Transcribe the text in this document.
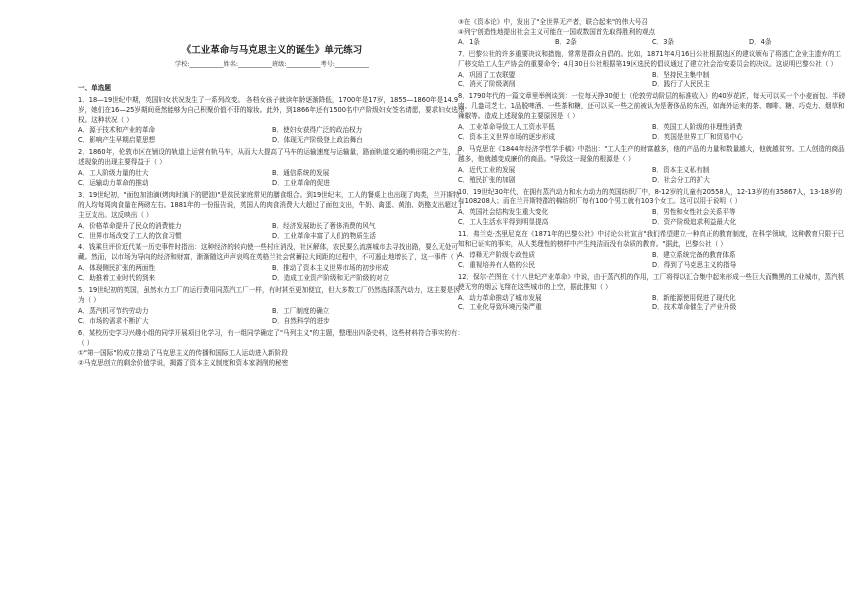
《工业革命与马克思主义的诞生》单元练习
学校:___________姓名:___________班级:___________考号:___________
一、单选题
1．18—19世纪中期，英国妇女状况发生了一系列改变。 各档女孩子就读年龄逐渐降低，1700年是17岁，1855—1860年是14.9岁，她们在16—25岁期间竟然能够为自己积聚价值不菲的嫁妆。此外，到1866年还有1500名中产阶级妇女签名请愿，要求妇女选举权。这种状况（ ）
A．源于技术和产业的革命	B．使妇女获得广泛的政治权力
C．影响产生早期启蒙思想	D．体现无产阶级登上政治舞台
2．1860年，伦敦市区在铺设的轨道上运营有轨马车，从而大大提高了马车的运输速度与运输量，路面轨道交通的萌形阻之产生，上述现象的出现主要得益于（ ）
A．工人阶级力量的壮大	B．通信系统的发展
C．运输动力革命的推动	D．工业革命的促进
3．19世纪初，"面包加油滴(烤肉时滴下的肥油)"是贫民家庭常见的膳食组合。到19世纪末，工人的餐桌上也出现了肉类，兰开斯特的人均每周肉食量在两磅左右。1881年的一份报告说，英国人的肉食消费大大超过了面包支出，牛奶、禽蛋、黄油、奶酪支出超过了主豆支出。这反映出（ ）
A．价格革命提升了民众的消费能力	B．经济发展助长了奢侈消费的风气
C．世界市场改变了工人的饮食习惯	D．工业革命丰富了人们的物质生活
4．钱乘旦评价近代某一历史事件时指出：这种经济的转向使一些村庄消没，社区解体，农民要么流落城市去寻找出路，要么无处可藏。然而，以市场为导向的经济和财富，渐渐随这声声哀鸣在英格兰社会营蓄拉大间距的过程中，不可遏止地增长了，这一事件（ ）
A．体现侧民扩张的两面性	B．推动了资本主义世界市场的初步形成
C．助推着工业时代的到来	D．造成工业资产阶级和无产阶级的对立
5．19世纪初的英国，虽然水力工厂的运行费用同蒸汽工厂一样，有时甚至更加便宜，但大多数工厂仍然选择蒸汽动力，这主要是因为（ ）
A．蒸汽机可节约劳动力	B．工厂制度的确立
C．市场的需求不断扩大	D．自然科学的进步
6．某校历史学习兴趣小组的同学开展项目化学习，有一组同学确定了"马列主义"的主题，整理出四条史料，这些材料符合事实的有：（ ）
①"第一国际"的成立推动了马克思主义的传播和国际工人运动进入新阶段
②马克思创立的剩余价值学说，揭露了资本主义制度和资本家剥削的秘密
③在《资本论》中，发出了"全世界无产者，联合起来"的伟大号召
④列宁创造性地提出社会主义可能在一国或数国首先取得胜利的观点
A．1条	B．2条	C．3条	D．4条
7．巴黎公社的许多重要决议和措施，常常是群众自倡的。比如，1871年4月16日公社根据选区的建议颁布了将逃亡企业主遗弃的工厂移交给工人生产协会的重要命令；4月30日公社根据第19区选民的倡议通过了建立社会治安委员会的决议。这说明巴黎公社（ ）
A．巩固了工农联盟	B．坚持民主集中制
C．消灭了阶级剥削	D．践行了人民民主
8．1790年代的一篇文章里举例谈到：一位每天挣30便士（伦敦劳动阶层的标准收入）的40岁花匠，每天可以买一个小麦面包、半磅肉、几盎司芝士、1品脱啤酒、一些茶和糖，还可以买一些之前被认为是奢侈品的东西，如海外运来的茶、咖啡、糖、巧克力、烟草和辣椒等。造成上述现象的主要原因是（ ）
A．工业革命导致工人工资水平低	B．英国工人阶级的非理性消费
C．资本主义世界市场的逐步形成	D．英国是世界工厂和贸易中心
9．马克思在《1844年经济学哲学手稿》中指出："工人生产的财富越多，他的产品的力量和数量越大，他就越贫穷。工人创造的商品越多，他就越变成廉价的商品。"导致这一现象的根源是（ ）
A．近代工业的发展	B．资本主义私有制
C．殖民扩张的加剧	D．社会分工的扩大
10．19世纪30年代，在拥有蒸汽动力和水力动力的英国纺织厂中，8-12岁的儿童有20558人，12-13岁的有35867人，13-18岁的有108208人；而在兰开斯特郡的棉纺织厂每有100个男工就有103个女工。这可以用于说明（ ）
A．英国社会结构发生重大变化	B．男性和女性社会关系平等
C．工人生活水平得到明显提高	D．资产阶级追求利益最大化
11．弗兰克·杰里尼克在《1871年的巴黎公社》中讨论公社宣言"我们希望建立一种真正的教育制度，在科学领域，这种教育只限于已知和已证实的事实，从人类理性的榜样中产生纯洁而没有杂质的教育。"据此，巴黎公社（ ）
A．谆释无产阶级专政性质	B．建立系统完备的教育体系
C．重视培养有人格的公民	D．得到了马克思主义的指导
12．保尔·芒图在《十八世纪产业革命》中说，由于蒸汽机的作用，工厂将得以汇合集中起来形成一些巨大而黝黑的工业城市，蒸汽机使无穷的烟云飞翔在这些城市的上空，据此推知（ ）
A．动力革命推动了城市发展	B．新能源使用促进了现代化
C．工业化导致环境污染严重	D．技术革命催生了产业升级
